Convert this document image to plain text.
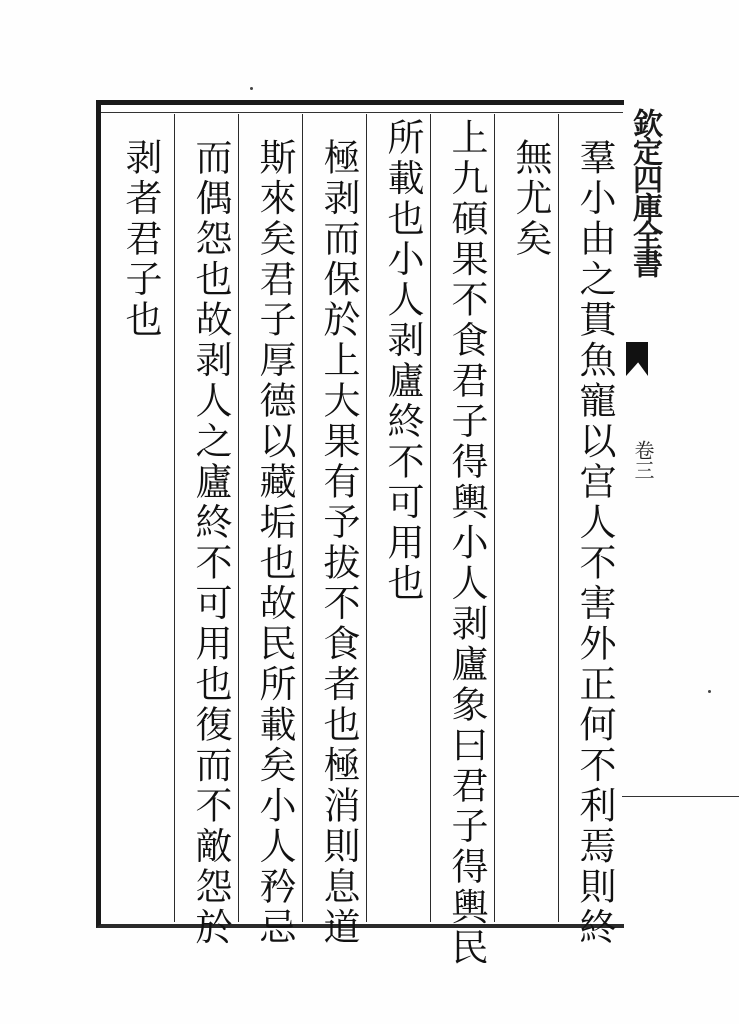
羣小由之貫魚寵以宫人不害外正何不利焉則終
無尤矣
上九碩果不食君子得輿小人剥廬象曰君子得輿民
所載也小人剥廬終不可用也
極剥而保於上大果有予拔不食者也極消則息道
斯來矣君子厚德以藏垢也故民所載矣小人矜忌
而偶怨也故剥人之廬終不可用也復而不敵怨於
剥者君子也	欽定四庫全書
卷三
